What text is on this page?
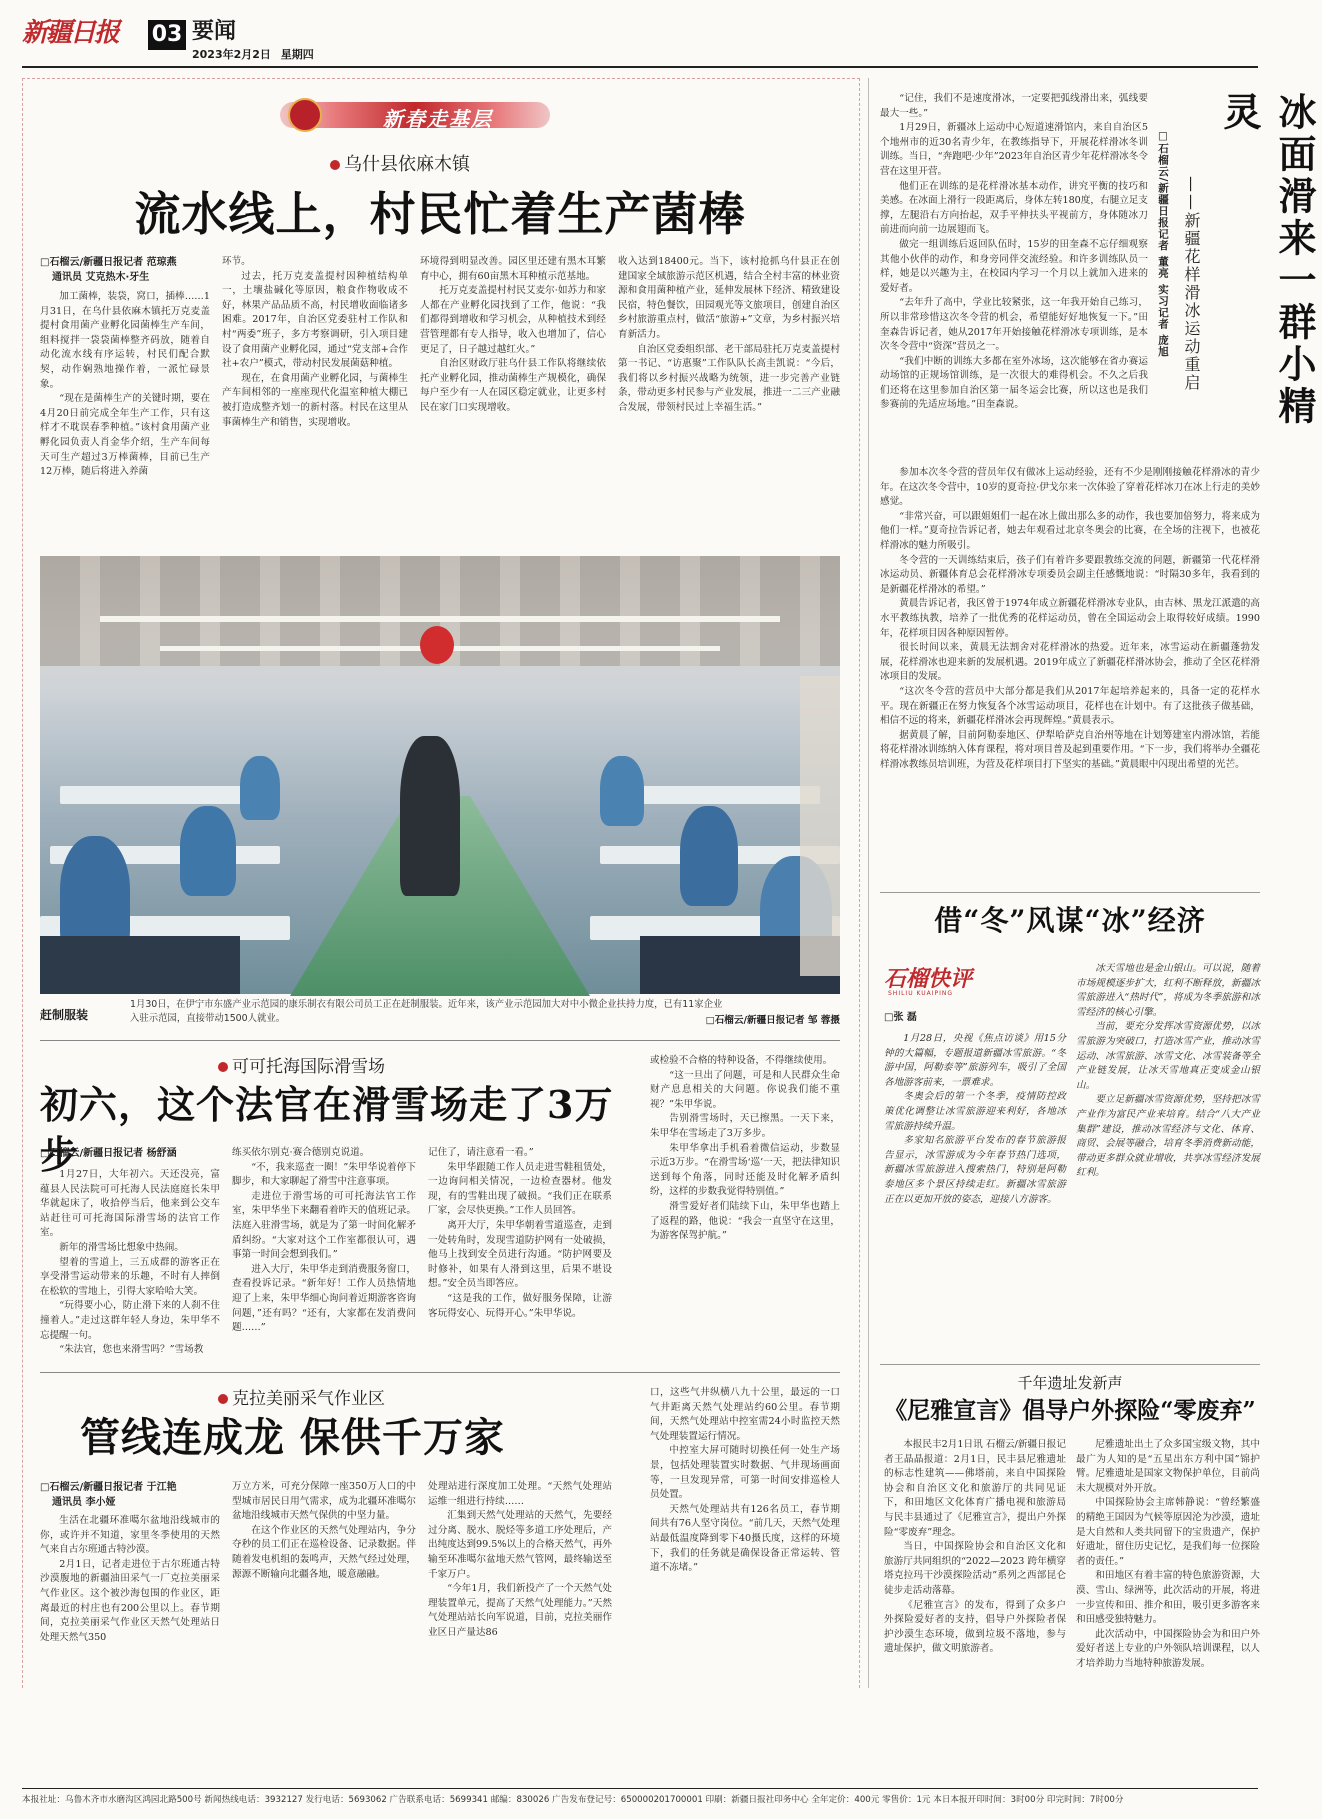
新疆日报 03 要闻
2023年2月2日 星期四
新春走基层
乌什县依麻木镇
流水线上，村民忙着生产菌棒
□石榴云/新疆日报记者 范琼燕
通讯员 艾克热木·牙生

加工菌棒，装袋，窝口，插棒……1月31日，在乌什县依麻木镇托万克麦盖提村食用菌产业孵化园菌棒生产车间，组料搅拌一袋袋菌棒整齐码放，随着自动化流水线有序运转，村民们配合默契，动作娴熟地操作着，一派忙碌景象。

“现在是菌棒生产的关键时期，要在4月20日前完成全年生产工作，只有这样才不耽误春季种植。”该村食用菌产业孵化园负责人肖金华介绍，生产车间每天可生产超过3万棒菌棒，目前已生产12万棒，随后将进入养菌

环节。

过去，托万克麦盖提村因种植结构单一，土壤盐碱化等原因，粮食作物收成不好，林果产品品质不高，村民增收面临诸多困难。2017年，自治区党委驻村工作队和村“两委”班子，多方考察调研，引入项目建设了食用菌产业孵化园，通过“党支部+合作社+农户”模式，带动村民发展菌菇种植。

现在，在食用菌产业孵化园，与菌棒生产车间相邻的一座座现代化温室种植大棚已被打造成整齐划一的新村落。村民在这里从事菌棒生产和销售，实现增收。

环境得到明显改善。园区里还建有黑木耳繁育中心，拥有60亩黑木耳种植示范基地。

托万克麦盖提村村民艾麦尔·如苏力和家人都在产业孵化园找到了工作，他说：“我们都得到增收和学习机会，从种植技术到经营管理都有专人指导，收入也增加了，信心更足了，日子越过越红火。”

自治区财政厅驻乌什县工作队将继续依托产业孵化园，推动菌棒生产规模化，确保每户至少有一人在园区稳定就业，让更多村民在家门口实现增收。

收入达到18400元。当下，该村抢抓乌什县正在创建国家全域旅游示范区机遇，结合全村丰富的林业资源和食用菌种植产业，延伸发展林下经济、精致建设民宿，特色餐饮，田园观光等文旅项目，创建自治区乡村旅游重点村，做活“旅游+”文章，为乡村振兴培育新活力。

自治区党委组织部、老干部局驻托万克麦盖提村第一书记、“访惠聚”工作队队长高圭凯说：“今后，我们将以乡村振兴战略为统领，进一步完善产业链条，带动更多村民参与产业发展，推进一二三产业融合发展，带领村民过上幸福生活。”

赶制服装
1月30日，在伊宁市东盛产业示范园的康乐制衣有限公司员工正在赶制服装。近年来，该产业示范园加大对中小微企业扶持力度，已有11家企业入驻示范园，直接带动1500人就业。	□石榴云/新疆日报记者 邹 蓉摄
可可托海国际滑雪场
初六，这个法官在滑雪场走了3万步
□石榴云/新疆日报记者 杨舒涵

1月27日，大年初六。天还没亮，富蕴县人民法院可可托海人民法庭庭长朱甲华就起床了，收拾停当后，他来到公交车站赶往可可托海国际滑雪场的法官工作室。

新年的滑雪场比想象中热闹。

望着的雪道上，三五成群的游客正在享受滑雪运动带来的乐趣，不时有人摔倒在松软的雪地上，引得大家哈哈大笑。

“玩得要小心，防止滑下来的人刹不住撞着人。”走过这群年轻人身边，朱甲华不忘提醒一句。

“朱法官，您也来滑雪吗？”雪场教

练买依尔别克·赛合德别克说道。

“不，我来巡查一圈！”朱甲华说着停下脚步，和大家聊起了滑雪中注意事项。

走进位于滑雪场的可可托海法官工作室，朱甲华坐下来翻看着昨天的值班记录。法庭入驻滑雪场，就是为了第一时间化解矛盾纠纷。“大家对这个工作室都很认可，遇事第一时间会想到我们。”

进入大厅，朱甲华走到消费服务窗口，查看投诉记录。“新年好！工作人员热情地迎了上来，朱甲华细心询问着近期游客咨询问题，”还有吗？“还有，大家都在发消费问题……”

记住了，请注意看一看。”

朱甲华跟随工作人员走进雪鞋租赁处，一边询问相关情况，一边检查器材。他发现，有的雪鞋出现了破损。“我们正在联系厂家，会尽快更换。”工作人员回答。

离开大厅，朱甲华朝着雪道巡查，走到一处转角时，发现雪道防护网有一处破损，他马上找到安全员进行沟通。“防护网要及时修补，如果有人滑到这里，后果不堪设想。”安全员当即答应。

“这是我的工作，做好服务保障，让游客玩得安心、玩得开心。”朱甲华说。

或检验不合格的特种设备，不得继续使用。

“这一旦出了问题，可是和人民群众生命财产息息相关的大问题。你说我们能不重视？”朱甲华说。

告别滑雪场时，天已擦黑。一天下来，朱甲华在雪场走了3万多步。

朱甲华拿出手机看着微信运动，步数显示近3万步。“在滑雪场‘巡’一天，把法律知识送到每个角落，同时还能及时化解矛盾纠纷，这样的步数我觉得特别值。”

滑雪爱好者们陆续下山，朱甲华也踏上了返程的路，他说：“我会一直坚守在这里，为游客保驾护航。”

克拉美丽采气作业区
管线连成龙 保供千万家
□石榴云/新疆日报记者 于江艳
通讯员 李小娅

生活在北疆环准噶尔盆地沿线城市的你，或许并不知道，家里冬季使用的天然气来自古尔班通古特沙漠。

2月1日，记者走进位于古尔班通古特沙漠腹地的新疆油田采气一厂克拉美丽采气作业区。这个被沙海包围的作业区，距离最近的村庄也有200公里以上。春节期间，克拉美丽采气作业区天然气处理站日处理天然气350

万立方米，可充分保障一座350万人口的中型城市居民日用气需求，成为北疆环准噶尔盆地沿线城市天然气保供的中坚力量。

在这个作业区的天然气处理站内，争分夺秒的员工们正在巡检设备、记录数据。伴随着发电机组的轰鸣声，天然气经过处理，源源不断输向北疆各地，暖意融融。

处理站进行深度加工处理。“天然气处理站运维一组进行持续……

汇集到天然气处理站的天然气，先要经过分离、脱水、脱烃等多道工序处理后，产出纯度达到99.5%以上的合格天然气，再外输至环准噶尔盆地天然气管网，最终输送至千家万户。

“今年1月，我们新投产了一个天然气处理装置单元，提高了天然气处理能力。”天然气处理站站长向军说道，目前，克拉美丽作业区日产量达86

口，这些气井纵横八九十公里，最远的一口气井距离天然气处理站约60公里。春节期间，天然气处理站中控室需24小时监控天然气处理装置运行情况。

中控室大屏可随时切换任何一处生产场景，包括处理装置实时数据、气井现场画面等，一旦发现异常，可第一时间安排巡检人员处置。

天然气处理站共有126名员工，春节期间共有76人坚守岗位。“前几天，天然气处理站最低温度降到零下40摄氏度，这样的环境下，我们的任务就是确保设备正常运转、管道不冻堵。”

冰面滑来一群小精灵
——新疆花样滑冰运动重启
□石榴云/新疆日报记者 董亮 实习记者 庞旭

“记住，我们不是速度滑冰，一定要把弧线滑出来，弧线要最大一些。”

1月29日，新疆冰上运动中心短道速滑馆内，来自自治区5个地州市的近30名青少年，在教练指导下，开展花样滑冰冬训训练。当日，“奔跑吧·少年”2023年自治区青少年花样滑冰冬令营在这里开营。

他们正在训练的是花样滑冰基本动作，讲究平衡的技巧和美感。在冰面上滑行一段距离后，身体左转180度，右腿立足支撑，左腿沿右方向抬起，双手平伸扶头平视前方，身体随冰刀前进而向前一边展翅而飞。

做完一组训练后返回队伍时，15岁的田奎森不忘仔细观察其他小伙伴的动作，和身旁同伴交流经验。和许多训练队员一样，她是以兴趣为主，在校园内学习一个月以上就加入进来的爱好者。

“去年升了高中，学业比较紧张，这一年我开始自己练习，所以非常珍惜这次冬令营的机会，希望能好好地恢复一下。”田奎森告诉记者，她从2017年开始接触花样滑冰专项训练，是本次冬令营中“资深”营员之一。

“我们中断的训练大多都在室外冰场，这次能够在省办赛运动场馆的正规场馆训练，是一次很大的难得机会。不久之后我们还将在这里参加自治区第一届冬运会比赛，所以这也是我们参赛前的先适应场地。”田奎森说。

参加本次冬令营的营员年仅有做冰上运动经验，还有不少是刚刚接触花样滑冰的青少年。在这次冬令营中，10岁的夏奇拉·伊戈尔来一次体验了穿着花样冰刀在冰上行走的美妙感觉。

“非常兴奋，可以跟姐姐们一起在冰上做出那么多的动作，我也要加倍努力，将来成为他们一样。”夏奇拉告诉记者，她去年观看过北京冬奥会的比赛，在全场的注视下，也被花样滑冰的魅力所吸引。

冬令营的一天训练结束后，孩子们有着许多要跟教练交流的问题，新疆第一代花样滑冰运动员、新疆体育总会花样滑冰专项委员会副主任感慨地说：“时隔30多年，我看到的是新疆花样滑冰的希望。”

黄晨告诉记者，我区曾于1974年成立新疆花样滑冰专业队，由吉林、黑龙江派遣的高水平教练执教，培养了一批优秀的花样运动员，曾在全国运动会上取得较好成绩。1990年，花样项目因各种原因暂停。

很长时间以来，黄晨无法割舍对花样滑冰的热爱。近年来，冰雪运动在新疆蓬勃发展，花样滑冰也迎来新的发展机遇。2019年成立了新疆花样滑冰协会，推动了全区花样滑冰项目的发展。

“这次冬令营的营员中大部分都是我们从2017年起培养起来的，具备一定的花样水平。现在新疆正在努力恢复各个冰雪运动项目，花样也在计划中。有了这批孩子做基础，相信不远的将来，新疆花样滑冰会再现辉煌。”黄晨表示。

据黄晨了解，目前阿勒泰地区、伊犁哈萨克自治州等地在计划筹建室内滑冰馆，若能将花样滑冰训练纳入体育课程，将对项目普及起到重要作用。“下一步，我们将举办全疆花样滑冰教练员培训班，为营及花样项目打下坚实的基础。”黄晨眼中闪现出希望的光芒。

借“冬”风谋“冰”经济
石榴快评
SHILIU KUAIPING
□张 磊

1月28日，央视《焦点访谈》用15分钟的大篇幅，专题报道新疆冰雪旅游。“冬游中国，阿勒泰等”旅游列车，吸引了全国各地游客前来，一票难求。

冬奥会后的第一个冬季，疫情防控政策优化调整让冰雪旅游迎来利好，各地冰雪旅游持续升温。

多家知名旅游平台发布的春节旅游报告显示，冰雪游成为今年春节热门选项，新疆冰雪旅游进入搜索热门，特别是阿勒泰地区多个景区持续走红。新疆冰雪旅游正在以更加开放的姿态，迎接八方游客。

冰天雪地也是金山银山。可以说，随着市场规模逐步扩大，红利不断释放，新疆冰雪旅游进入“热时代”，将成为冬季旅游和冰雪经济的核心引擎。

当前，要充分发挥冰雪资源优势，以冰雪旅游为突破口，打造冰雪产业，推动冰雪运动、冰雪旅游、冰雪文化、冰雪装备等全产业链发展，让冰天雪地真正变成金山银山。

要立足新疆冰雪资源优势，坚持把冰雪产业作为富民产业来培育。结合“八大产业集群”建设，推动冰雪经济与文化、体育、商贸、会展等融合，培育冬季消费新动能，带动更多群众就业增收，共享冰雪经济发展红利。

千年遗址发新声
《尼雅宣言》倡导户外探险“零废弃”

本报民丰2月1日讯 石榴云/新疆日报记者王晶晶报道：2月1日，民丰县尼雅遗址的标志性建筑——佛塔前，来自中国探险协会和自治区文化和旅游厅的共同见证下，和田地区文化体育广播电视和旅游局与民丰县通过了《尼雅宣言》，提出户外探险“零废弃”理念。

当日，中国探险协会和自治区文化和旅游厅共同组织的“2022—2023 跨年横穿塔克拉玛干沙漠探险活动”系列之西部昆仑徒步走活动落幕。

《尼雅宣言》的发布，得到了众多户外探险爱好者的支持，倡导户外探险者保护沙漠生态环境，做到垃圾不落地，参与遗址保护，做文明旅游者。

尼雅遗址出土了众多国宝级文物，其中最广为人知的是“五星出东方利中国”锦护臂。尼雅遗址是国家文物保护单位，目前尚未大规模对外开放。

中国探险协会主席韩静说：“曾经繁盛的精绝王国因为气候等原因沦为沙漠，遗址是大自然和人类共同留下的宝贵遗产，保护好遗址，留住历史记忆，是我们每一位探险者的责任。”

和田地区有着丰富的特色旅游资源，大漠、雪山、绿洲等，此次活动的开展，将进一步宣传和田、推介和田，吸引更多游客来和田感受独特魅力。

此次活动中，中国探险协会为和田户外爱好者送上专业的户外领队培训课程，以人才培养助力当地特种旅游发展。

本报社址：乌鲁木齐市水磨沟区鸿园北路500号 新闻热线电话：3932127 发行电话：5693062 广告联系电话：5699341 邮编：830026 广告发布登记号：650000201700001 印刷：新疆日报社印务中心 全年定价：400元 零售价：1元 本日本报开印时间：3时00分 印完时间：7时00分
